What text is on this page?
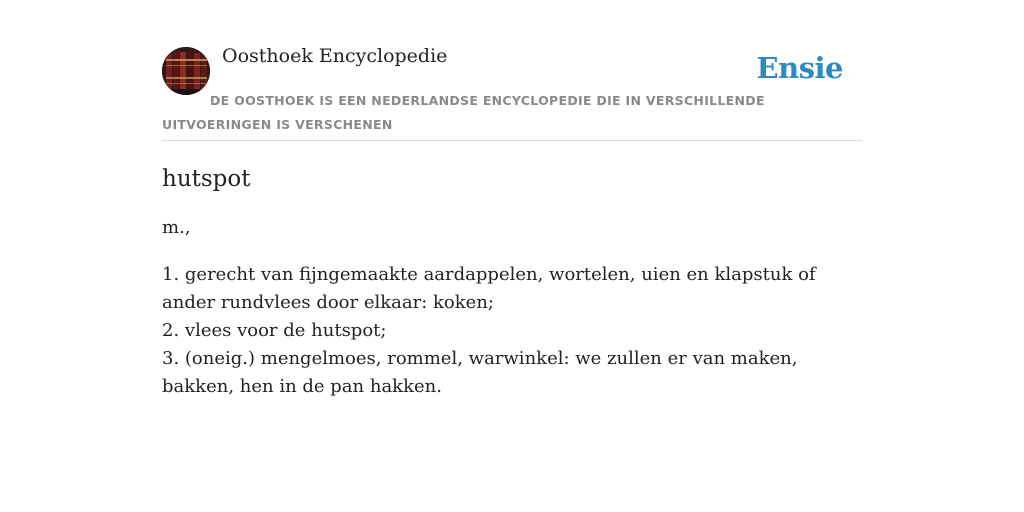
Oosthoek Encyclopedie	Ensie
DE OOSTHOEK IS EEN NEDERLANDSE ENCYCLOPEDIE DIE IN VERSCHILLENDE UITVOERINGEN IS VERSCHENEN
hutspot
m.,
1. gerecht van fijngemaakte aardappelen, wortelen, uien en klapstuk of ander rundvlees door elkaar: koken;
2. vlees voor de hutspot;
3. (oneig.) mengelmoes, rommel, warwinkel: we zullen er van maken, bakken, hen in de pan hakken.
